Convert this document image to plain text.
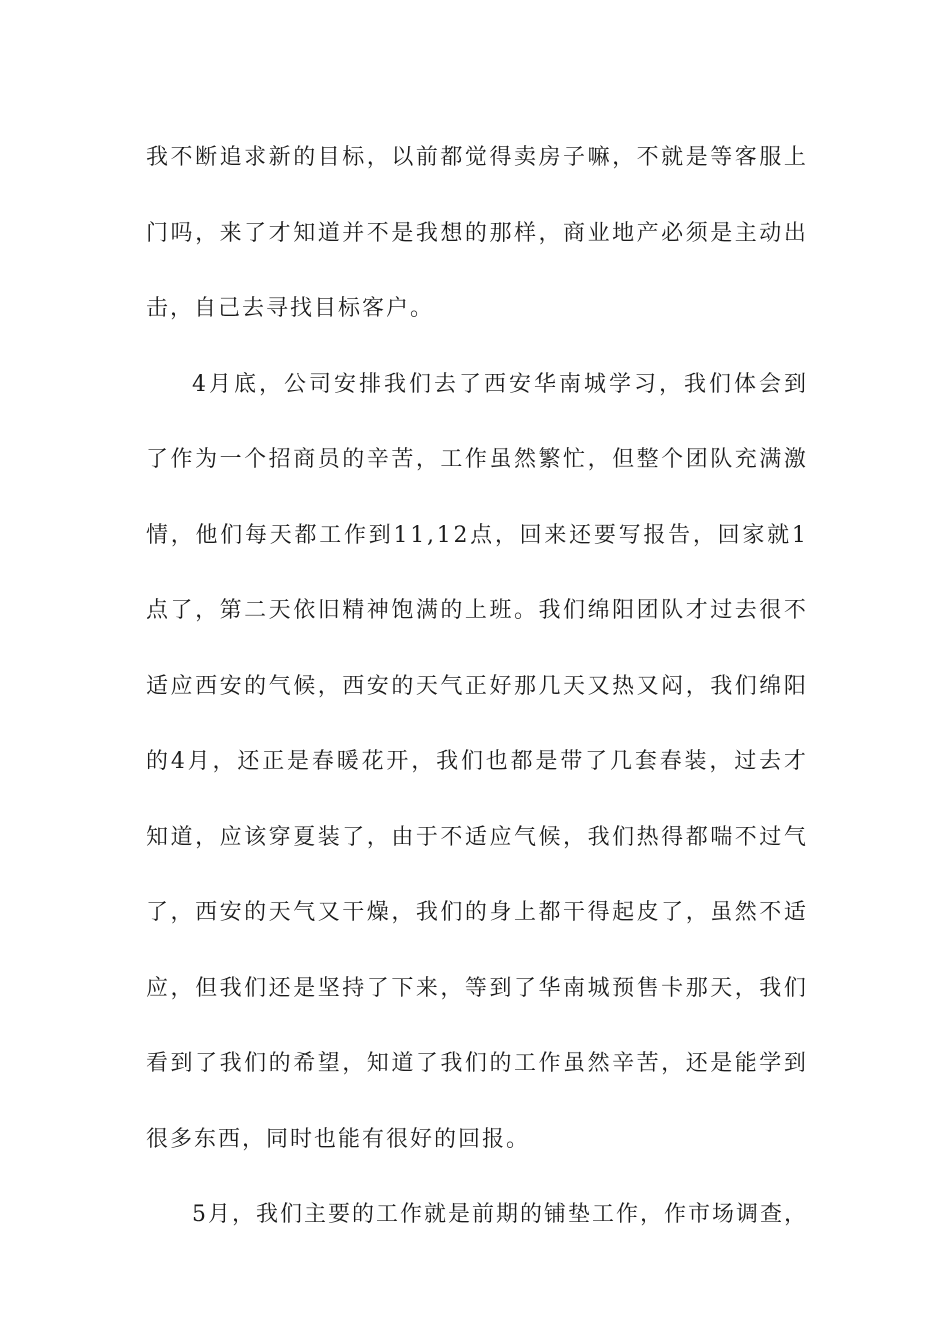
我 不 断 追 求 新 的 目 标 ， 以 前 都 觉 得 卖 房 子 嘛 ， 不 就 是 等 客 服 上
门 吗 ， 来 了 才 知 道 并 不 是 我 想 的 那 样 ， 商 业 地 产 必 须 是 主 动 出
击，自己去寻找目标客户。
4 月 底 ， 公 司 安 排 我 们 去 了 西 安 华 南 城 学 习 ， 我 们 体 会 到
了 作 为 一 个 招 商 员 的 辛 苦 ， 工 作 虽 然 繁 忙 ， 但 整 个 团 队 充 满 激
情 ， 他 们 每 天 都 工 作 到 1 1 , 1 2 点 ， 回 来 还 要 写 报 告 ， 回 家 就 1
点 了 ， 第 二 天 依 旧 精 神 饱 满 的 上 班 。 我 们 绵 阳 团 队 才 过 去 很 不
适 应 西 安 的 气 候 ， 西 安 的 天 气 正 好 那 几 天 又 热 又 闷 ， 我 们 绵 阳
的 4 月 ， 还 正 是 春 暖 花 开 ， 我 们 也 都 是 带 了 几 套 春 装 ， 过 去 才
知 道 ， 应 该 穿 夏 装 了 ， 由 于 不 适 应 气 候 ， 我 们 热 得 都 喘 不 过 气
了 ， 西 安 的 天 气 又 干 燥 ， 我 们 的 身 上 都 干 得 起 皮 了 ， 虽 然 不 适
应 ， 但 我 们 还 是 坚 持 了 下 来 ， 等 到 了 华 南 城 预 售 卡 那 天 ， 我 们
看 到 了 我 们 的 希 望 ， 知 道 了 我 们 的 工 作 虽 然 辛 苦 ， 还 是 能 学 到
很多东西，同时也能有很好的回报。
5 月 ， 我 们 主 要 的 工 作 就 是 前 期 的 铺 垫 工 作 ， 作 市 场 调 查 ，
